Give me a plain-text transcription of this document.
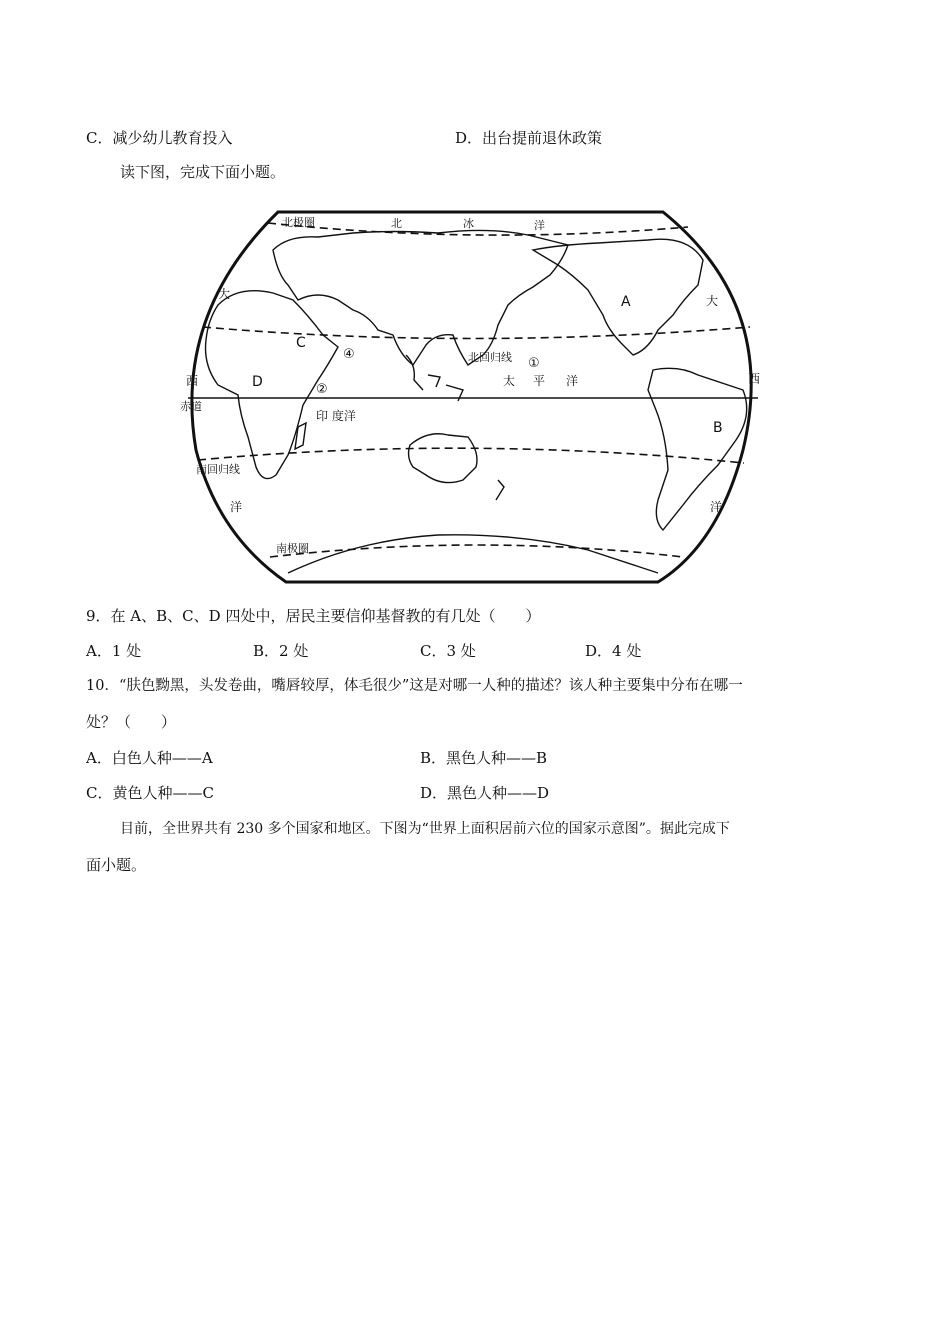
C．减少幼儿教育投入	D．出台提前退休政策
读下图，完成下面小题。
北极圈	北	冰	洋
大	大
西	西
赤道
北回归线
南回归线
南极圈
洋	洋
太 平 洋
印 度洋
A
B
C
D
①
②
④
9．在 A、B、C、D 四处中，居民主要信仰基督教的有几处（　　）
A．1 处	B．2 处	C．3 处	D．4 处
10．“肤色黝黑，头发卷曲，嘴唇较厚，体毛很少”这是对哪一人种的描述？该人种主要集中分布在哪一
处？（　　）
A．白色人种——A	B．黑色人种——B
C．黄色人种——C	D．黑色人种——D
目前，全世界共有 230 多个国家和地区。下图为“世界上面积居前六位的国家示意图”。据此完成下
面小题。
